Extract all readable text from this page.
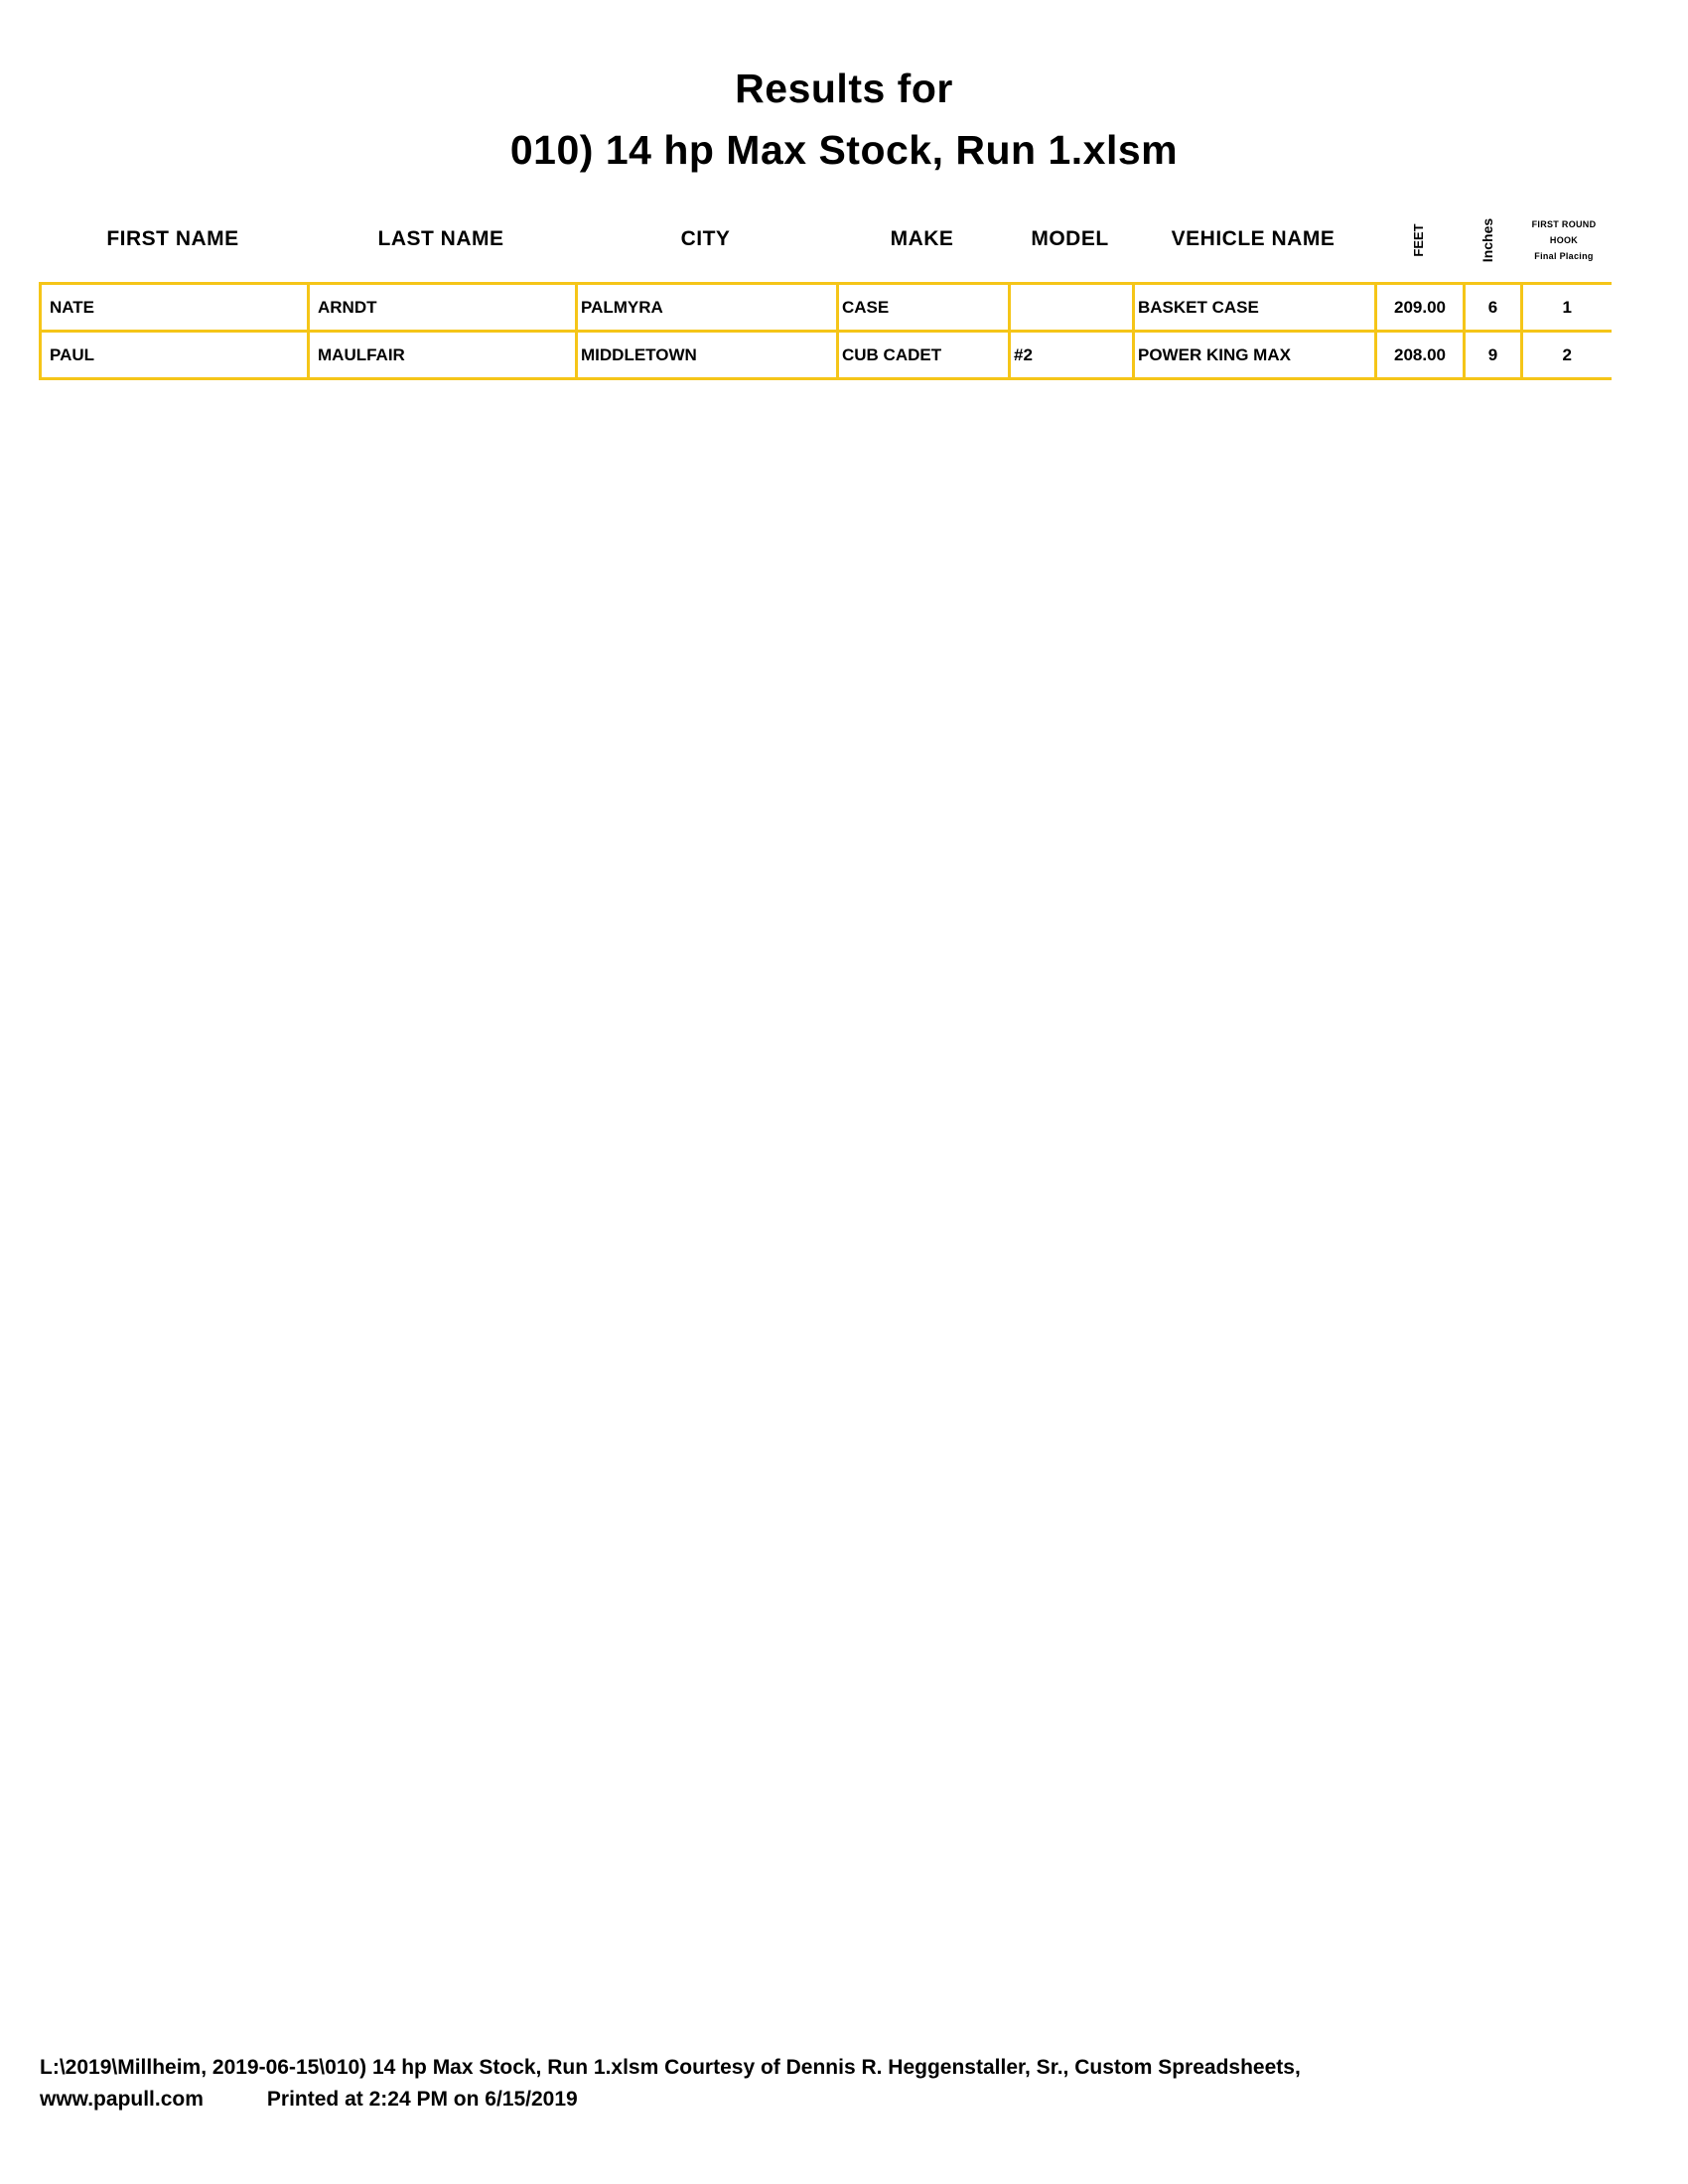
Results for
010) 14 hp Max Stock, Run 1.xlsm
FIRST NAME	LAST NAME	CITY	MAKE	MODEL	VEHICLE NAME	FEET	Inches	FIRST ROUND
HOOK
Final Placing
NATE	ARNDT	PALMYRA	CASE		BASKET CASE	209.00	6	1
PAUL	MAULFAIR	MIDDLETOWN	CUB CADET	#2	POWER KING MAX	208.00	9	2
L:\2019\Millheim, 2019-06-15\010) 14 hp Max Stock, Run 1.xlsm Courtesy of Dennis R. Heggenstaller, Sr., Custom Spreadsheets,
www.papull.com	Printed at 2:24 PM on 6/15/2019
